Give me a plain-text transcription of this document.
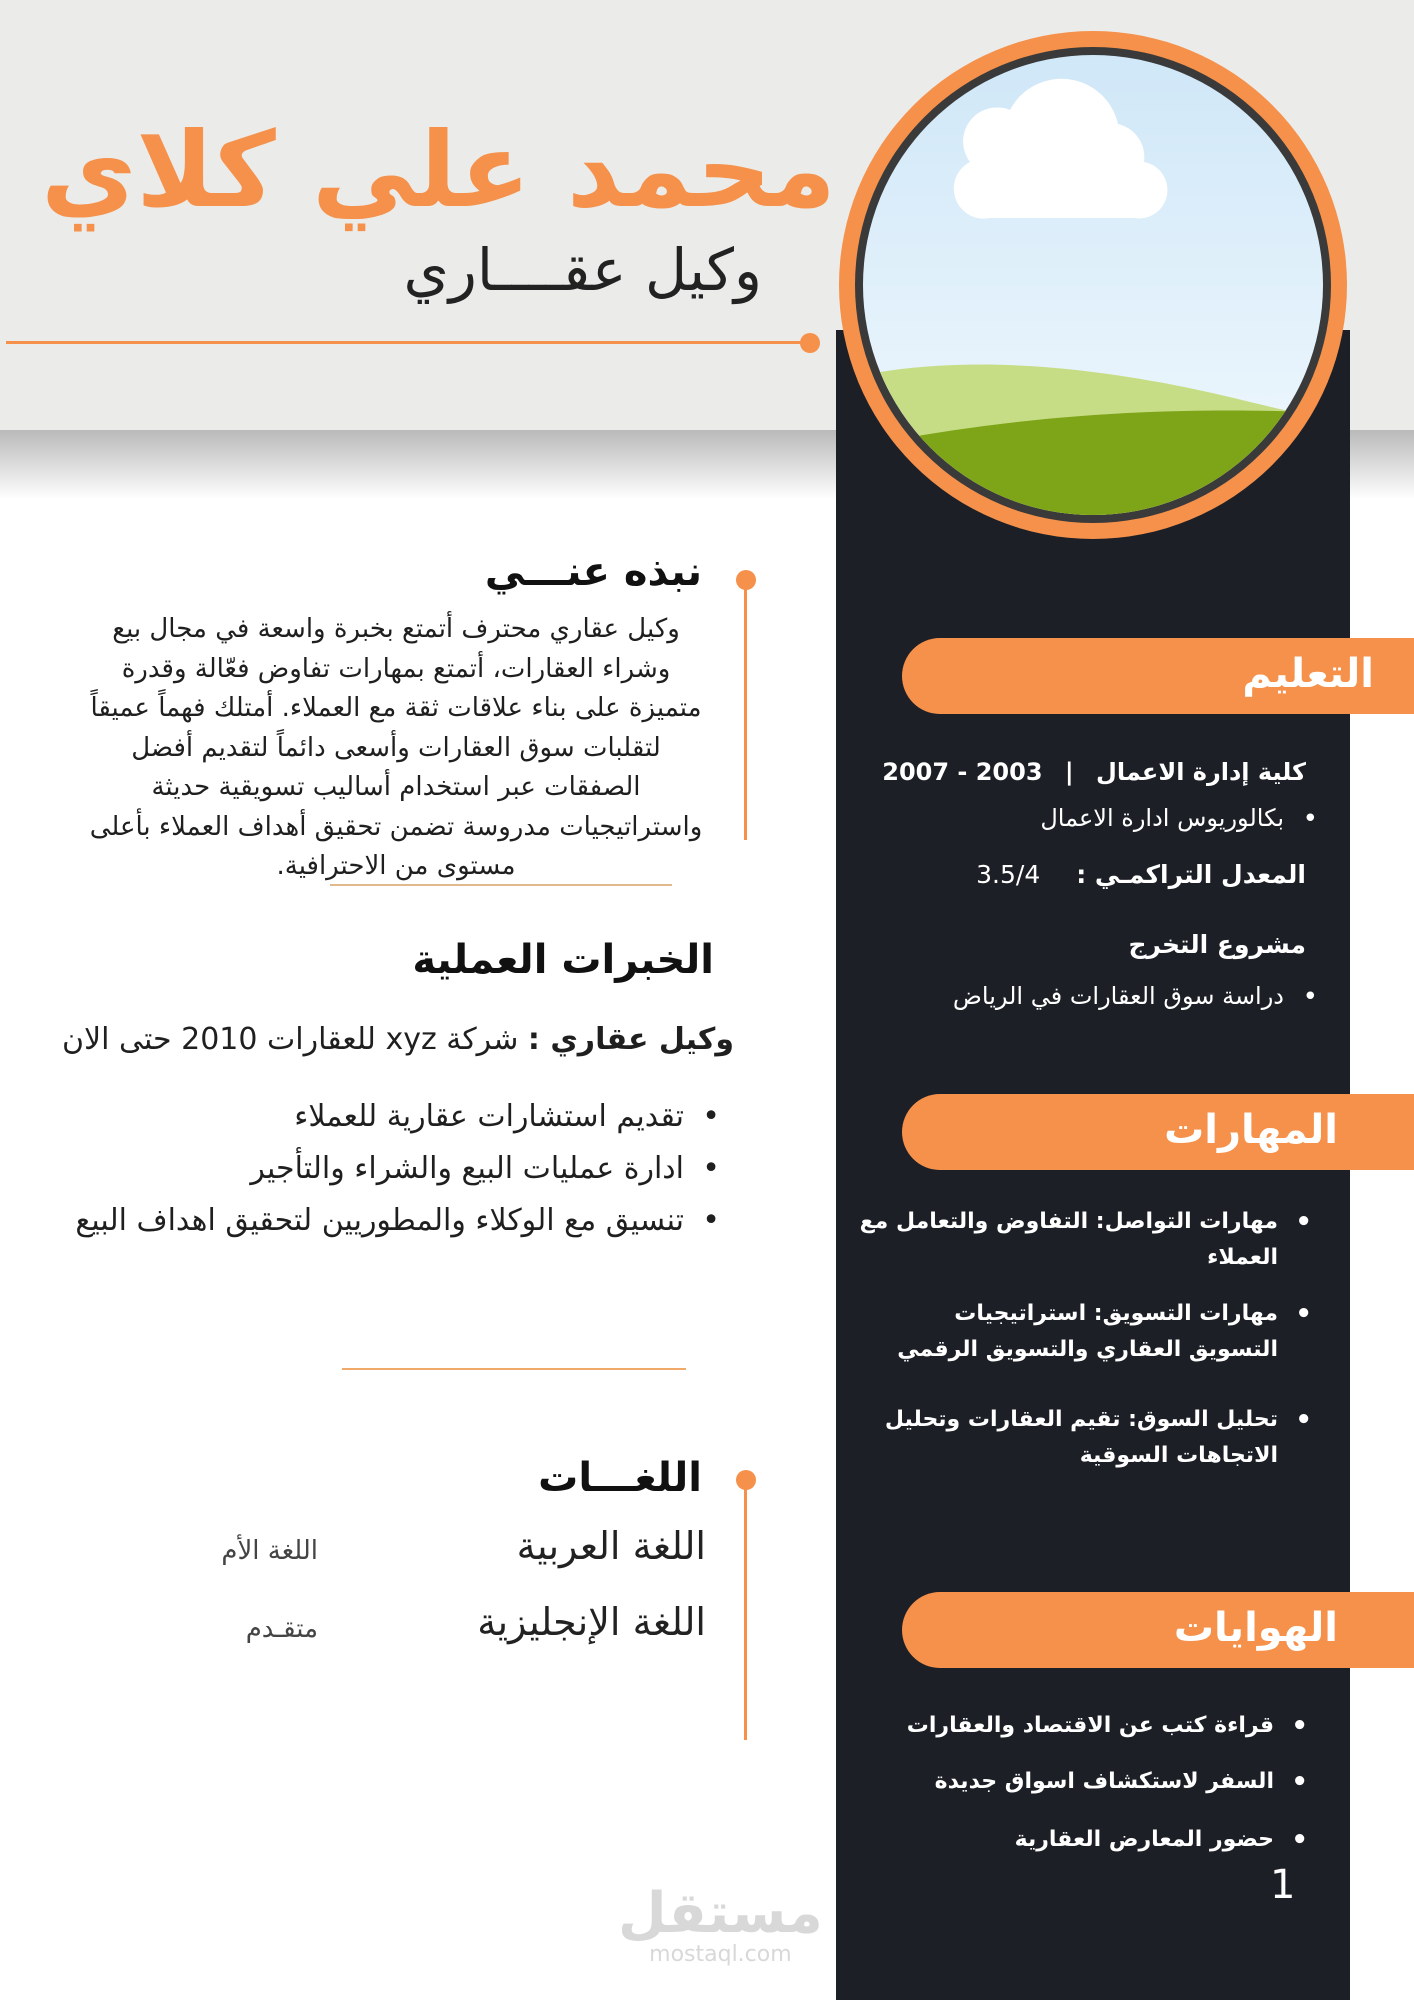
محمد علي كلاي
وكيل عقــــاري
نبذه عنـــي
وكيل عقاري محترف أتمتع بخبرة واسعة في مجال بيع وشراء العقارات، أتمتع بمهارات تفاوض فعّالة وقدرة متميزة على بناء علاقات ثقة مع العملاء. أمتلك فهماً عميقاً لتقلبات سوق العقارات وأسعى دائماً لتقديم أفضل الصفقات عبر استخدام أساليب تسويقية حديثة واستراتيجيات مدروسة تضمن تحقيق أهداف العملاء بأعلى مستوى من الاحترافية.
الخبرات العملية
وكيل عقاري : شركة xyz للعقارات 2010 حتى الان
• تقديم استشارات عقارية للعملاء
• ادارة عمليات البيع والشراء والتأجير
• تنسيق مع الوكلاء والمطوريين لتحقيق اهداف البيع
اللغـــات
اللغة العربية
اللغة الأم
اللغة الإنجليزية
متقـدم
التعليم
كلية إدارة الاعمال | 2003 - 2007
• بكالوريوس ادارة الاعمال
المعدل التراكمـي : 3.5/4
مشروع التخرج
• دراسة سوق العقارات في الرياض
المهارات
• مهارات التواصل: التفاوض والتعامل مع العملاء
• مهارات التسويق: استراتيجيات التسويق العقاري والتسويق الرقمي
• تحليل السوق: تقيم العقارات وتحليل الاتجاهات السوقية
الهوايات
• قراءة كتب عن الاقتصاد والعقارات
• السفر لاستكشاف اسواق جديدة
• حضور المعارض العقارية
1
مستقل
mostaql.com
